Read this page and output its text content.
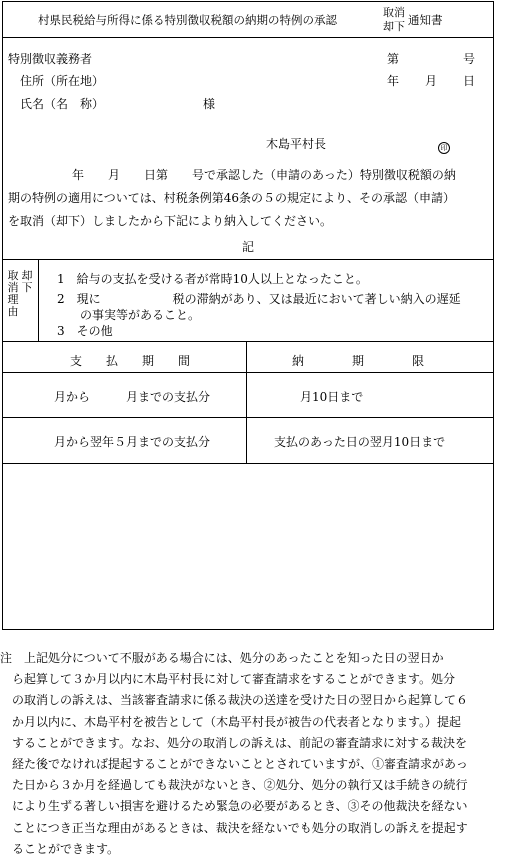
村県民税給与所得に係る特別徴収税額の納期の特例の承認
取消
却下 通知書
特別徴収義務者	第	号
住所（所在地）	年 月 日
氏名（名　称）	様
木島平村長	印
年　　月　　日第　　号で承認した（申請のあった）特別徴収税額の納
期の特例の適用については、村税条例第46条の５の規定により、その承認（申請）
を取消（却下）しましたから下記により納入してください。
記
取消理由
却下
1　給与の支払を受ける者が常時10人以上となったこと。
2　現に　　　　　　税の滞納があり、又は最近において著しい納入の遅延
の事実等があること。
3　その他
支　　払　　期　　間	納　　　　期　　　　限
月から　　　月までの支払分	月10日まで
月から翌年５月までの支払分	支払のあった日の翌月10日まで
注　上記処分について不服がある場合には、処分のあったことを知った日の翌日か
　ら起算して３か月以内に木島平村長に対して審査請求をすることができます。処分
　の取消しの訴えは、当該審査請求に係る裁決の送達を受けた日の翌日から起算して６
　か月以内に、木島平村を被告として（木島平村長が被告の代表者となります。）提起
　することができます。なお、処分の取消しの訴えは、前記の審査請求に対する裁決を
　経た後でなければ提起することができないこととされていますが、①審査請求があっ
　た日から３か月を経過しても裁決がないとき、②処分、処分の執行又は手続きの続行
　により生ずる著しい損害を避けるため緊急の必要があるとき、③その他裁決を経ない
　ことにつき正当な理由があるときは、裁決を経ないでも処分の取消しの訴えを提起す
　ることができます。
